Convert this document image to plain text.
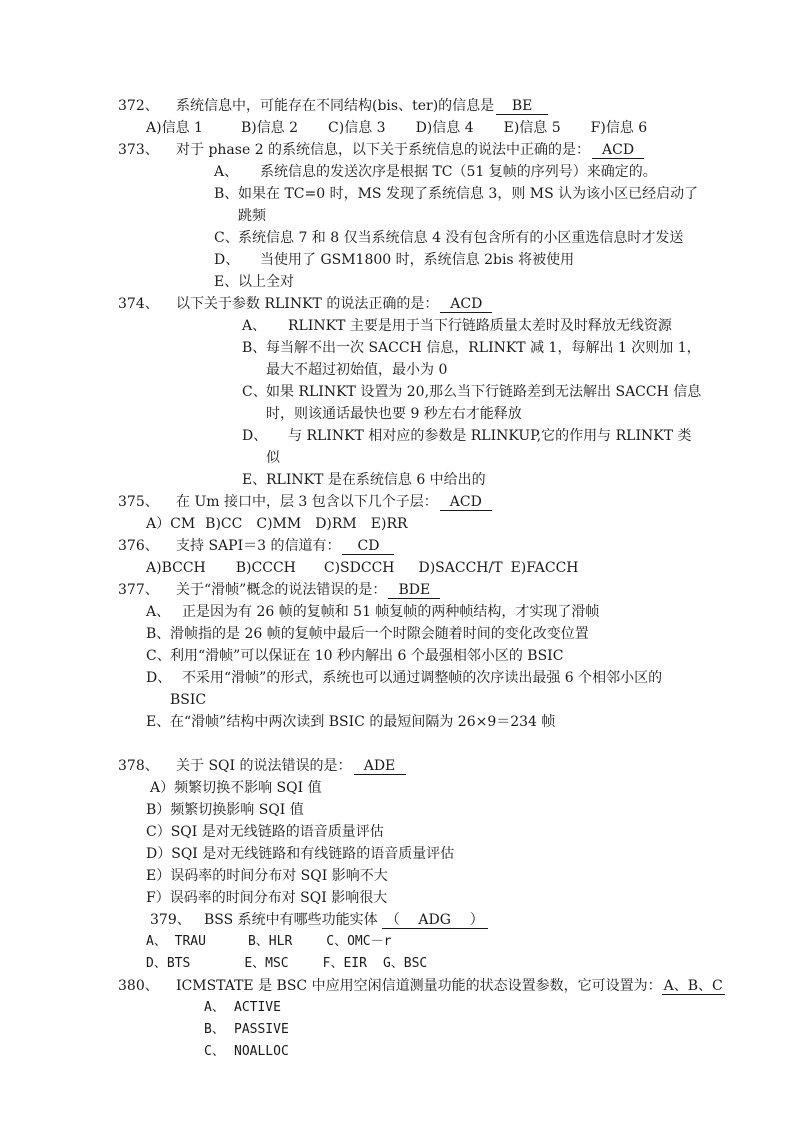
372、 系统信息中，可能存在不同结构(bis、ter)的信息是 BE
A)信息 1	B)信息 2 C)信息 3 D)信息 4 E)信息 5 F)信息 6
373、 对于 phase 2 的系统信息，以下关于系统信息的说法中正确的是： ACD
A、 系统信息的发送次序是根据 TC（51 复帧的序列号）来确定的。
B、如果在 TC=0 时，MS 发现了系统信息 3，则 MS 认为该小区已经启动了
跳频
C、系统信息 7 和 8 仅当系统信息 4 没有包含所有的小区重选信息时才发送
D、 当使用了 GSM1800 时，系统信息 2bis 将被使用
E、以上全对
374、 以下关于参数 RLINKT 的说法正确的是： ACD
A、 RLINKT 主要是用于当下行链路质量太差时及时释放无线资源
B、每当解不出一次 SACCH 信息，RLINKT 减 1，每解出 1 次则加 1，
最大不超过初始值，最小为 0
C、如果 RLINKT 设置为 20,那么当下行链路差到无法解出 SACCH 信息
时，则该通话最快也要 9 秒左右才能释放
D、 与 RLINKT 相对应的参数是 RLINKUP,它的作用与 RLINKT 类
似
E、RLINKT 是在系统信息 6 中给出的
375、 在 Um 接口中，层 3 包含以下几个子层： ACD
A）CM B)CC C)MM D)RM E)RR
376、 支持 SAPI＝3 的信道有： CD
A)BCCH B)CCCH C)SDCCH D)SACCH/T E)FACCH
377、 关于“滑帧”概念的说法错误的是： BDE
A、 正是因为有 26 帧的复帧和 51 帧复帧的两种帧结构，才实现了滑帧
B、滑帧指的是 26 帧的复帧中最后一个时隙会随着时间的变化改变位置
C、利用“滑帧”可以保证在 10 秒内解出 6 个最强相邻小区的 BSIC
D、 不采用“滑帧”的形式，系统也可以通过调整帧的次序读出最强 6 个相邻小区的
BSIC
E、在“滑帧”结构中两次读到 BSIC 的最短间隔为 26×9＝234 帧
378、 关于 SQI 的说法错误的是： ADE
A）频繁切换不影响 SQI 值
B）频繁切换影响 SQI 值
C）SQI 是对无线链路的语音质量评估
D）SQI 是对无线链路和有线链路的语音质量评估
E）误码率的时间分布对 SQI 影响不大
F）误码率的时间分布对 SQI 影响很大
379、 BSS 系统中有哪些功能实体 （ ADG ）
A、 TRAU	B、HLR	C、OMC－r
D、BTS	E、MSC	F、EIR G、BSC
380、 ICMSTATE 是 BSC 中应用空闲信道测量功能的状态设置参数，它可设置为： A、B、C
A、 ACTIVE
B、 PASSIVE
C、 NOALLOC
